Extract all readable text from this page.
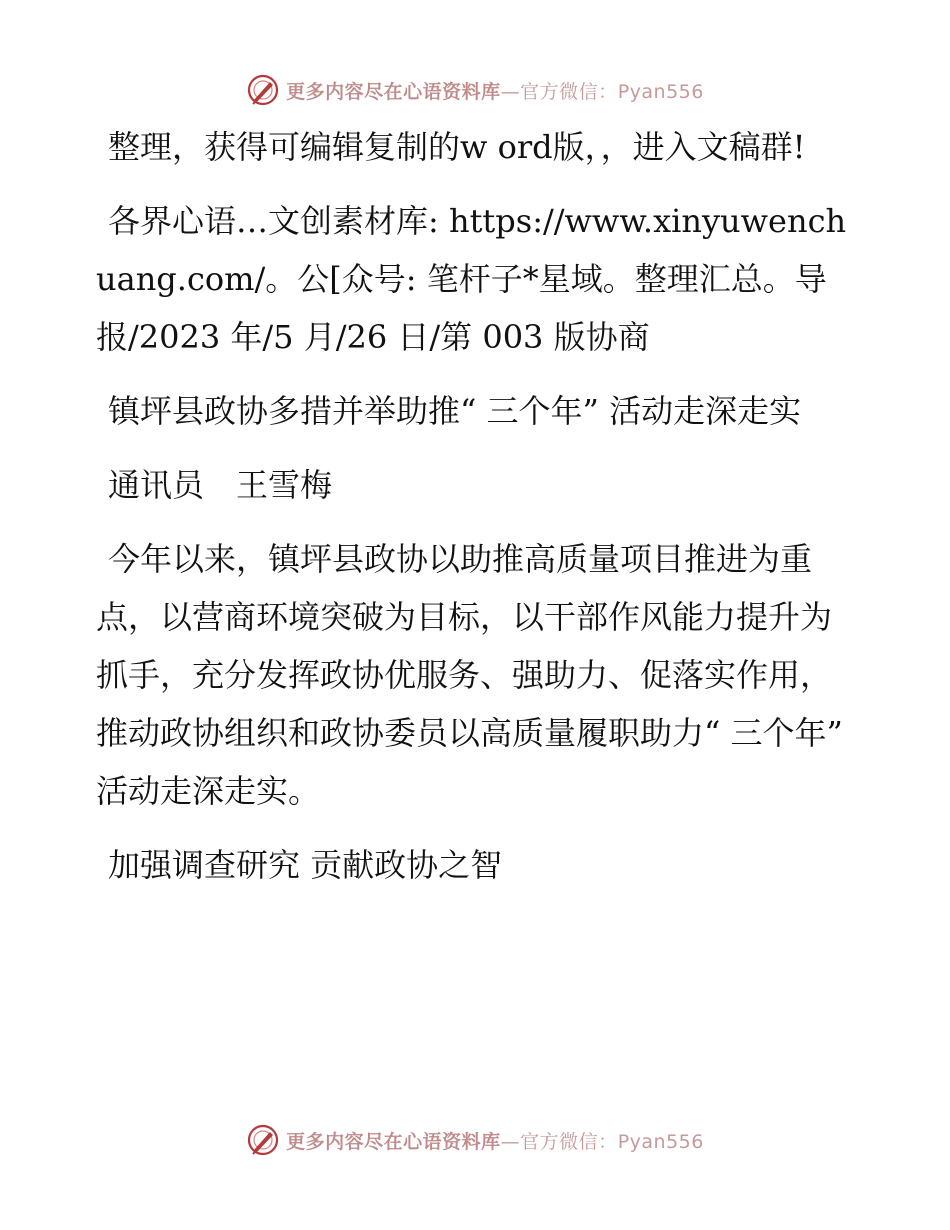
更多内容尽在心语资料库—官方微信：Pyan556

整理，获得可编辑复制的w ord版，，进入文稿群!

各界心语…文创素材库: https://www.xinyuwenchuang.com/。公[众号: 笔杆子*星域。整理汇总。导报/2023 年/5 月/26 日/第 003 版协商

镇坪县政协多措并举助推“ 三个年” 活动走深走实

通讯员　王雪梅

今年以来，镇坪县政协以助推高质量项目推进为重点，以营商环境突破为目标，以干部作风能力提升为抓手，充分发挥政协优服务、强助力、促落实作用，推动政协组织和政协委员以高质量履职助力“ 三个年” 活动走深走实。

加强调查研究 贡献政协之智

更多内容尽在心语资料库—官方微信：Pyan556
